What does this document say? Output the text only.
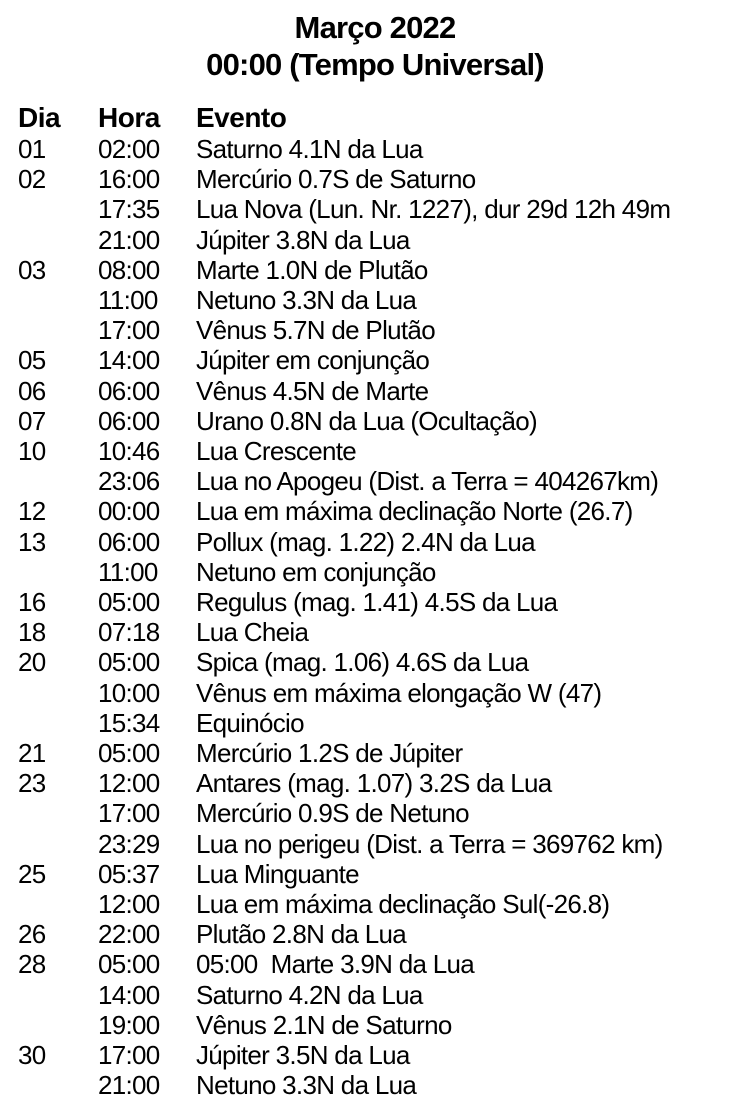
Março 2022
00:00 (Tempo Universal)
Dia	Hora	Evento
01	02:00	Saturno 4.1N da Lua
02	16:00	Mercúrio 0.7S de Saturno
17:35	Lua Nova (Lun. Nr. 1227), dur 29d 12h 49m
21:00	Júpiter 3.8N da Lua
03	08:00	Marte 1.0N de Plutão
11:00	Netuno 3.3N da Lua
17:00	Vênus 5.7N de Plutão
05	14:00	Júpiter em conjunção
06	06:00	Vênus 4.5N de Marte
07	06:00	Urano 0.8N da Lua (Ocultação)
10	10:46	Lua Crescente
23:06	Lua no Apogeu (Dist. a Terra = 404267km)
12	00:00	Lua em máxima declinação Norte (26.7)
13	06:00	Pollux (mag. 1.22) 2.4N da Lua
11:00	Netuno em conjunção
16	05:00	Regulus (mag. 1.41) 4.5S da Lua
18	07:18	Lua Cheia
20	05:00	Spica (mag. 1.06) 4.6S da Lua
10:00	Vênus em máxima elongação W (47)
15:34	Equinócio
21	05:00	Mercúrio 1.2S de Júpiter
23	12:00	Antares (mag. 1.07) 3.2S da Lua
17:00	Mercúrio 0.9S de Netuno
23:29	Lua no perigeu (Dist. a Terra = 369762 km)
25	05:37	Lua Minguante
12:00	Lua em máxima declinação Sul(-26.8)
26	22:00	Plutão 2.8N da Lua
28	05:00	05:00  Marte 3.9N da Lua
14:00	Saturno 4.2N da Lua
19:00	Vênus 2.1N de Saturno
30	17:00	Júpiter 3.5N da Lua
21:00	Netuno 3.3N da Lua
